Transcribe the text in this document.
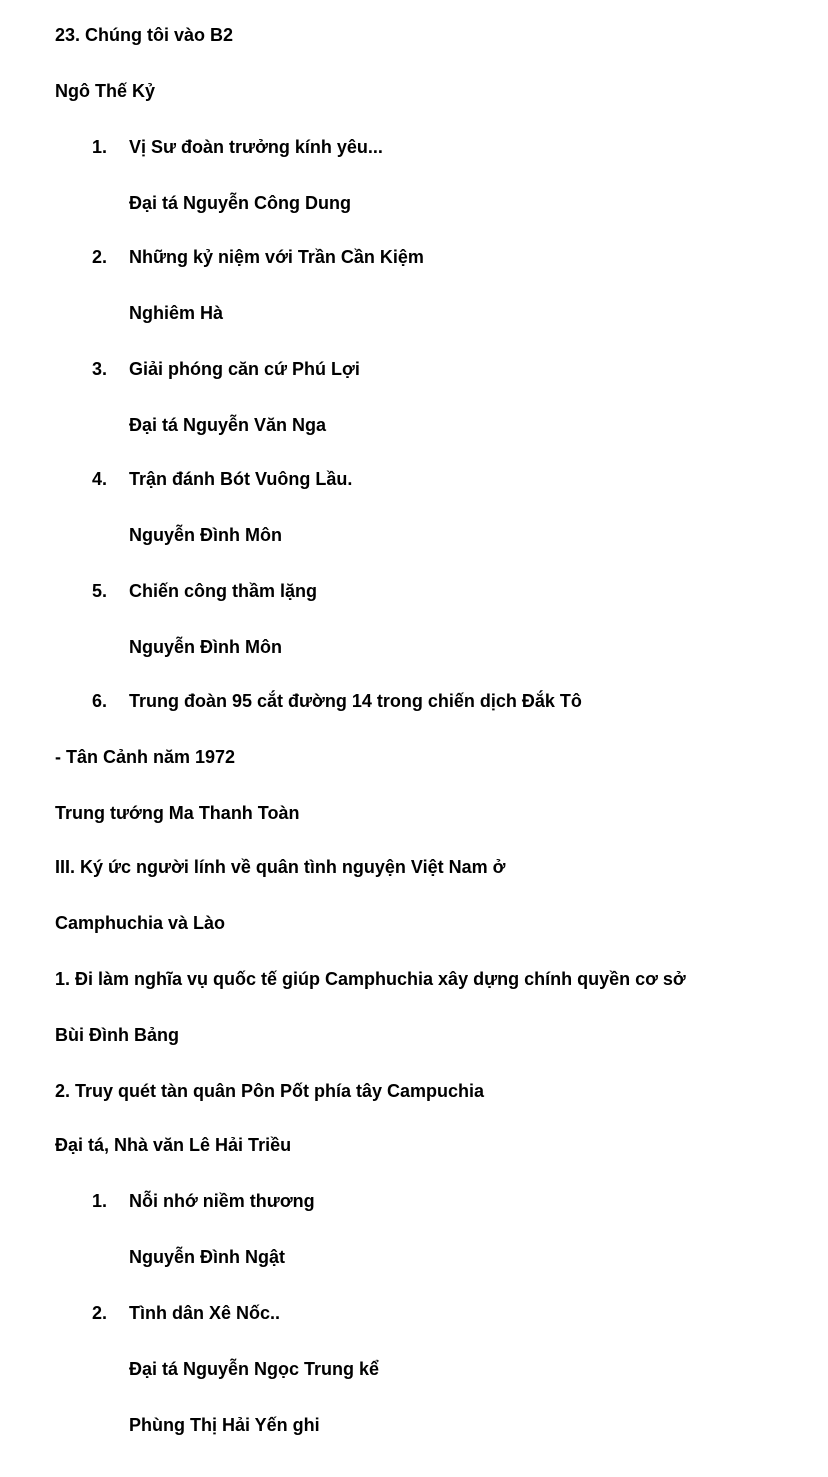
23. Chúng tôi vào B2
Ngô Thế Kỷ
1. Vị Sư đoàn trưởng kính yêu...
Đại tá Nguyễn Công Dung
2. Những kỷ niệm với Trần Cần Kiệm
Nghiêm Hà
3. Giải phóng căn cứ Phú Lợi
Đại tá Nguyễn Văn Nga
4. Trận đánh Bót Vuông Lầu.
Nguyễn Đình Môn
5. Chiến công thầm lặng
Nguyễn Đình Môn
6. Trung đoàn 95 cắt đường 14 trong chiến dịch Đắk Tô
- Tân Cảnh năm 1972
Trung tướng Ma Thanh Toàn
III. Ký ức người lính về quân tình nguyện Việt Nam ở
Camphuchia và Lào
1. Đi làm nghĩa vụ quốc tế giúp Camphuchia xây dựng chính quyền cơ sở
Bùi Đình Bảng
2. Truy quét tàn quân Pôn Pốt phía tây Campuchia
Đại tá, Nhà văn Lê Hải Triều
1. Nỗi nhớ niềm thương
Nguyễn Đình Ngật
2. Tình dân Xê Nốc..
Đại tá Nguyễn Ngọc Trung kể
Phùng Thị Hải Yến ghi
